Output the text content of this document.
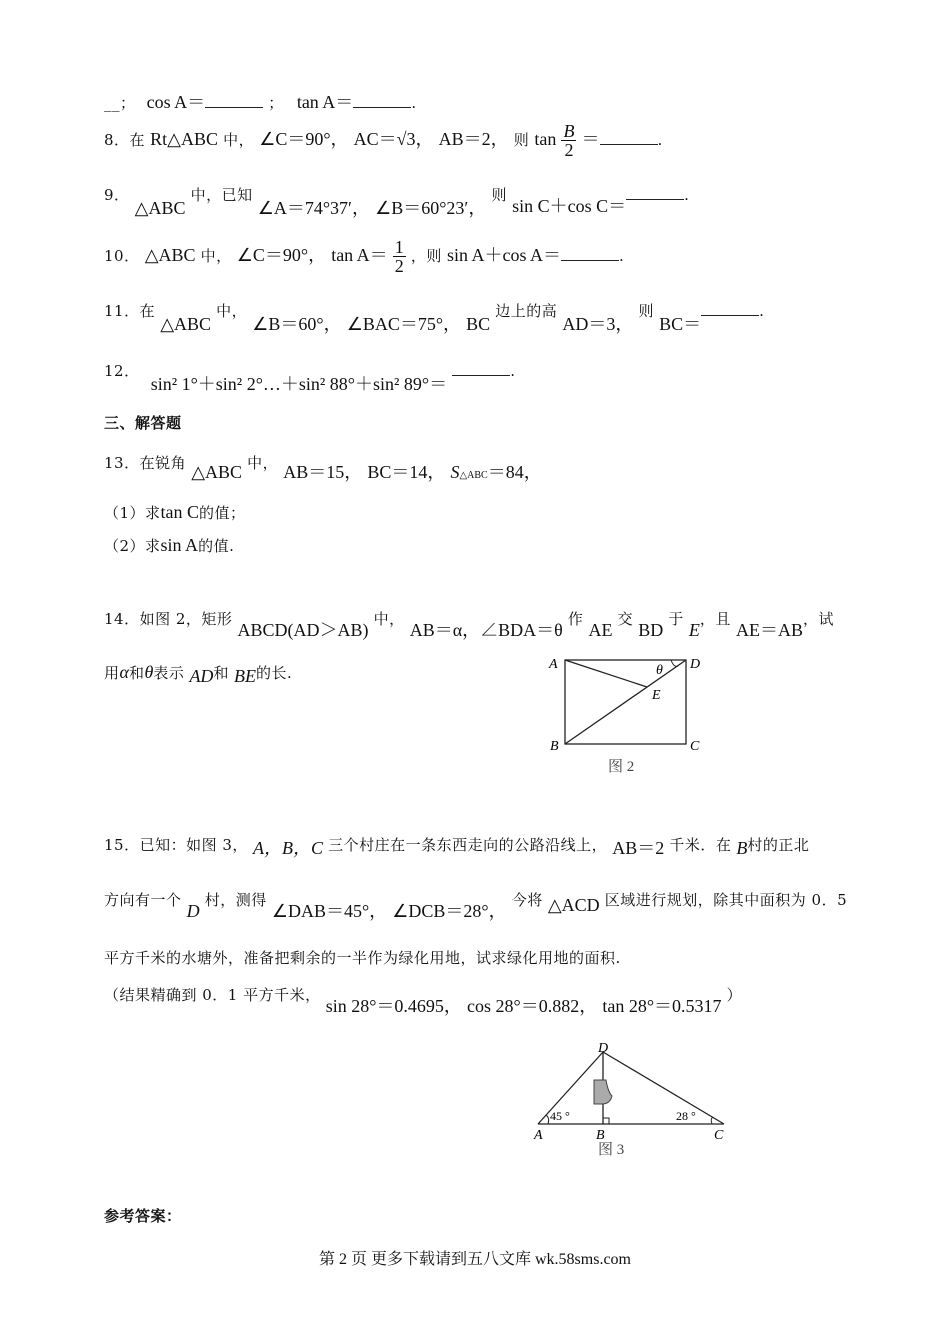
__； cos A＝	； tan A＝	.
8．在 Rt△ABC 中， ∠C＝90°， AC＝√3， AB＝2， 则 $\tan \frac{B}{2}$ ＝	.
9． △ABC 中，已知 ∠A＝74°37′， ∠B＝60°23′， 则 sin C＋cos C＝.
10． △ABC 中， ∠C＝90°， $\tan A= \frac{1}{2}$ ，则 sin A＋cos A＝	.
11．在 △ABC 中， ∠B＝60°， ∠BAC＝75°， BC 边上的高 AD＝3， 则 BC＝.
12． sin² 1°＋sin² 2°…＋sin² 88°＋sin² 89°＝ .
三、解答题
13．在锐角 △ABC 中， AB＝15， BC＝14， S△ABC＝84，
（1）求tan C的值；
（2）求sin A的值.
14．如图 2，矩形 ABCD(AD＞AB) 中， AB＝α，∠BDA＝θ 作 AE 交 BD 于 E，且 AE＝AB，试
用α和θ表示 AD和 BE的长.	A	D
B	C
E
θ
图 2
15．已知：如图 3， A，B，C 三个村庄在一条东西走向的公路沿线上， AB＝2 千米．在 B村的正北
方向有一个 D 村，测得 ∠DAB＝45°， ∠DCB＝28°， 今将 △ACD 区域进行规划，除其中面积为 0．5
平方千米的水塘外，准备把剩余的一半作为绿化用地，试求绿化用地的面积.
（结果精确到 0．1 平方千米， sin 28°＝0.4695， cos 28°＝0.882， tan 28°＝0.5317 ）
D
A	B	C
45 °	28 °
图 3
参考答案：
第 2 页 更多下载请到五八文库 wk.58sms.com
